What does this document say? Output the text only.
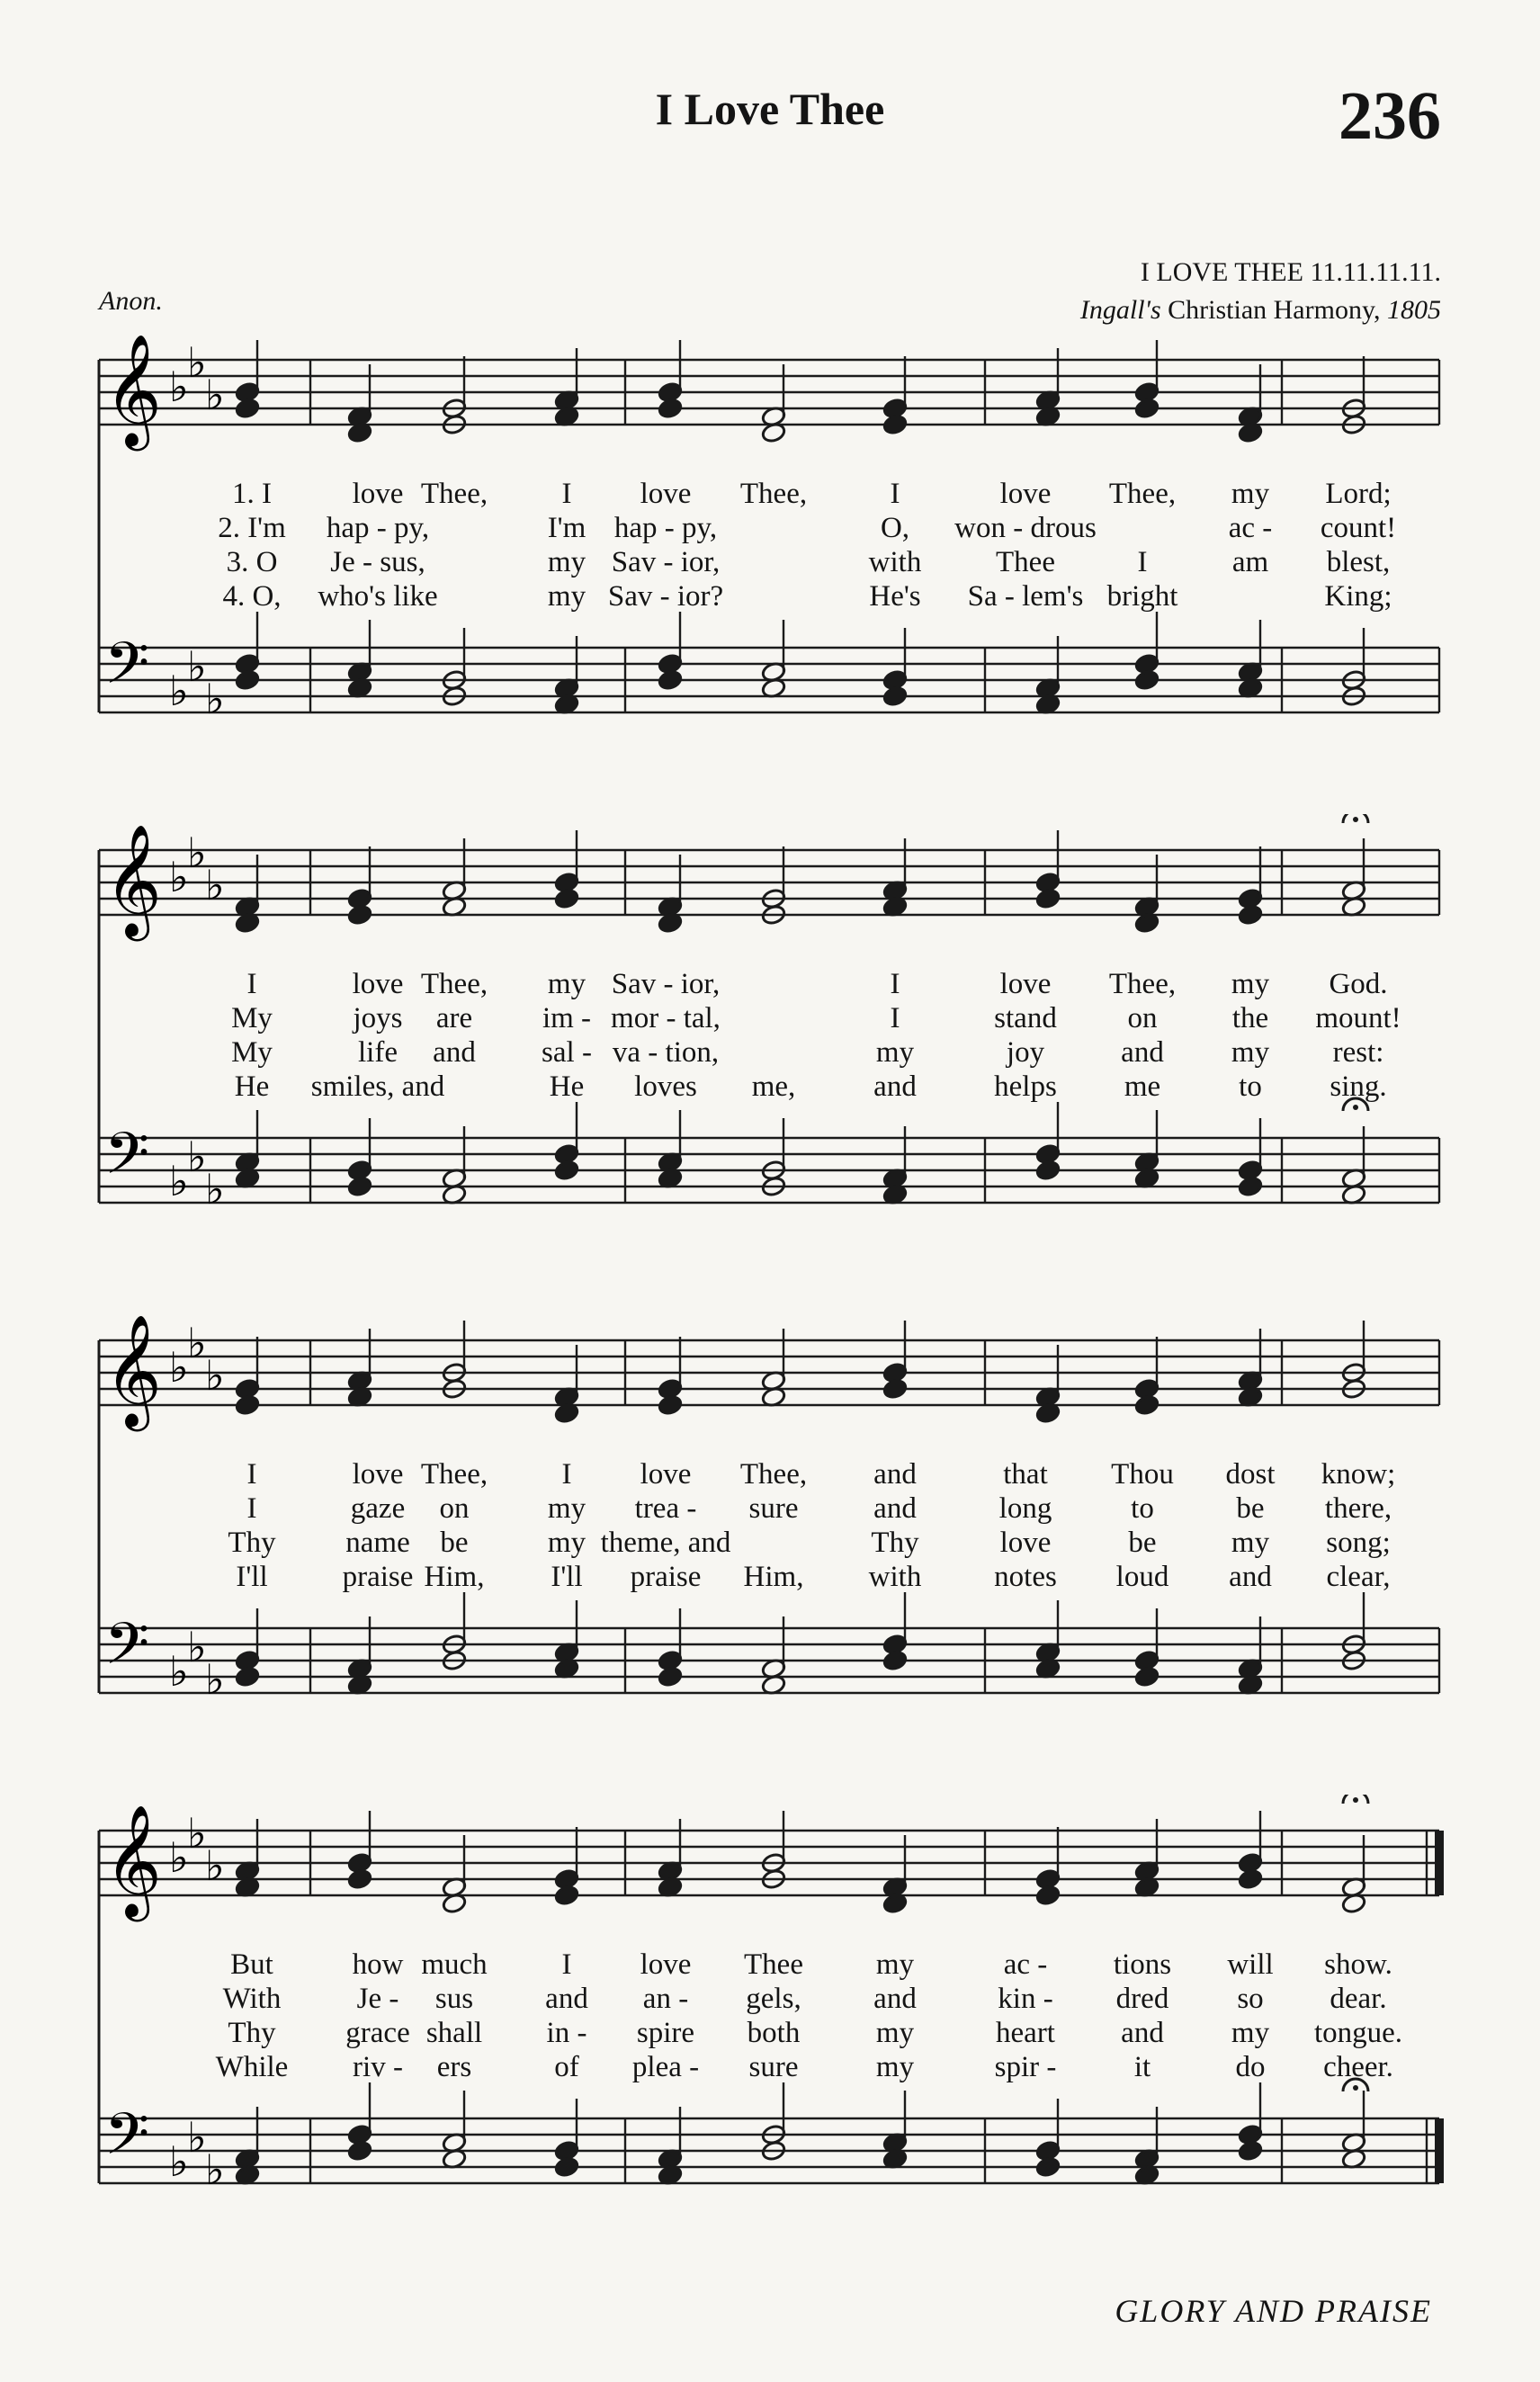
I Love Thee	236
Anon.
I LOVE THEE 11.11.11.11.
Ingall's Christian Harmony, 1805
𝄞 ♭
♭
♭
𝄢 ♭
♭
♭
1. I	love Thee, I love Thee,	I	love Thee, my Lord;
2. I'm hap - py,	I'm hap - py,	O, won - drous	ac - count!
3. O Je - sus,	my Sav - ior,	with	Thee	I	am blest,
4. O, who's like	my Sav - ior?	He's Sa - lem's bright	King;
𝄞 ♭
♭
♭
𝄢 ♭
♭
♭
I	love Thee, my Sav - ior,	I	love Thee, my God.
My	joys are im - mor - tal,	I	stand on	the mount!
My	life and sal - va - tion,	my	joy	and my rest:
He smiles, and	He loves me,	and	helps me	to sing.
𝄞 ♭
♭
♭
𝄢 ♭
♭
♭
I	love Thee, I love Thee, and	that Thou dost know;
I	gaze on	my trea - sure	and	long	to	be there,
Thy name be	my theme, and	Thy	love	be	my song;
I'll	praise Him, I'll praise Him, with notes loud and clear,
𝄞 ♭
♭
♭
𝄢 ♭
♭
♭
But	how much	I love Thee my	ac - tions will show.
With	Je - sus and an - gels, and	kin - dred so dear.
Thy grace shall in - spire both	my	heart and my tongue.
While riv - ers	of plea - sure	my	spir -	it	do cheer.
GLORY AND PRAISE
